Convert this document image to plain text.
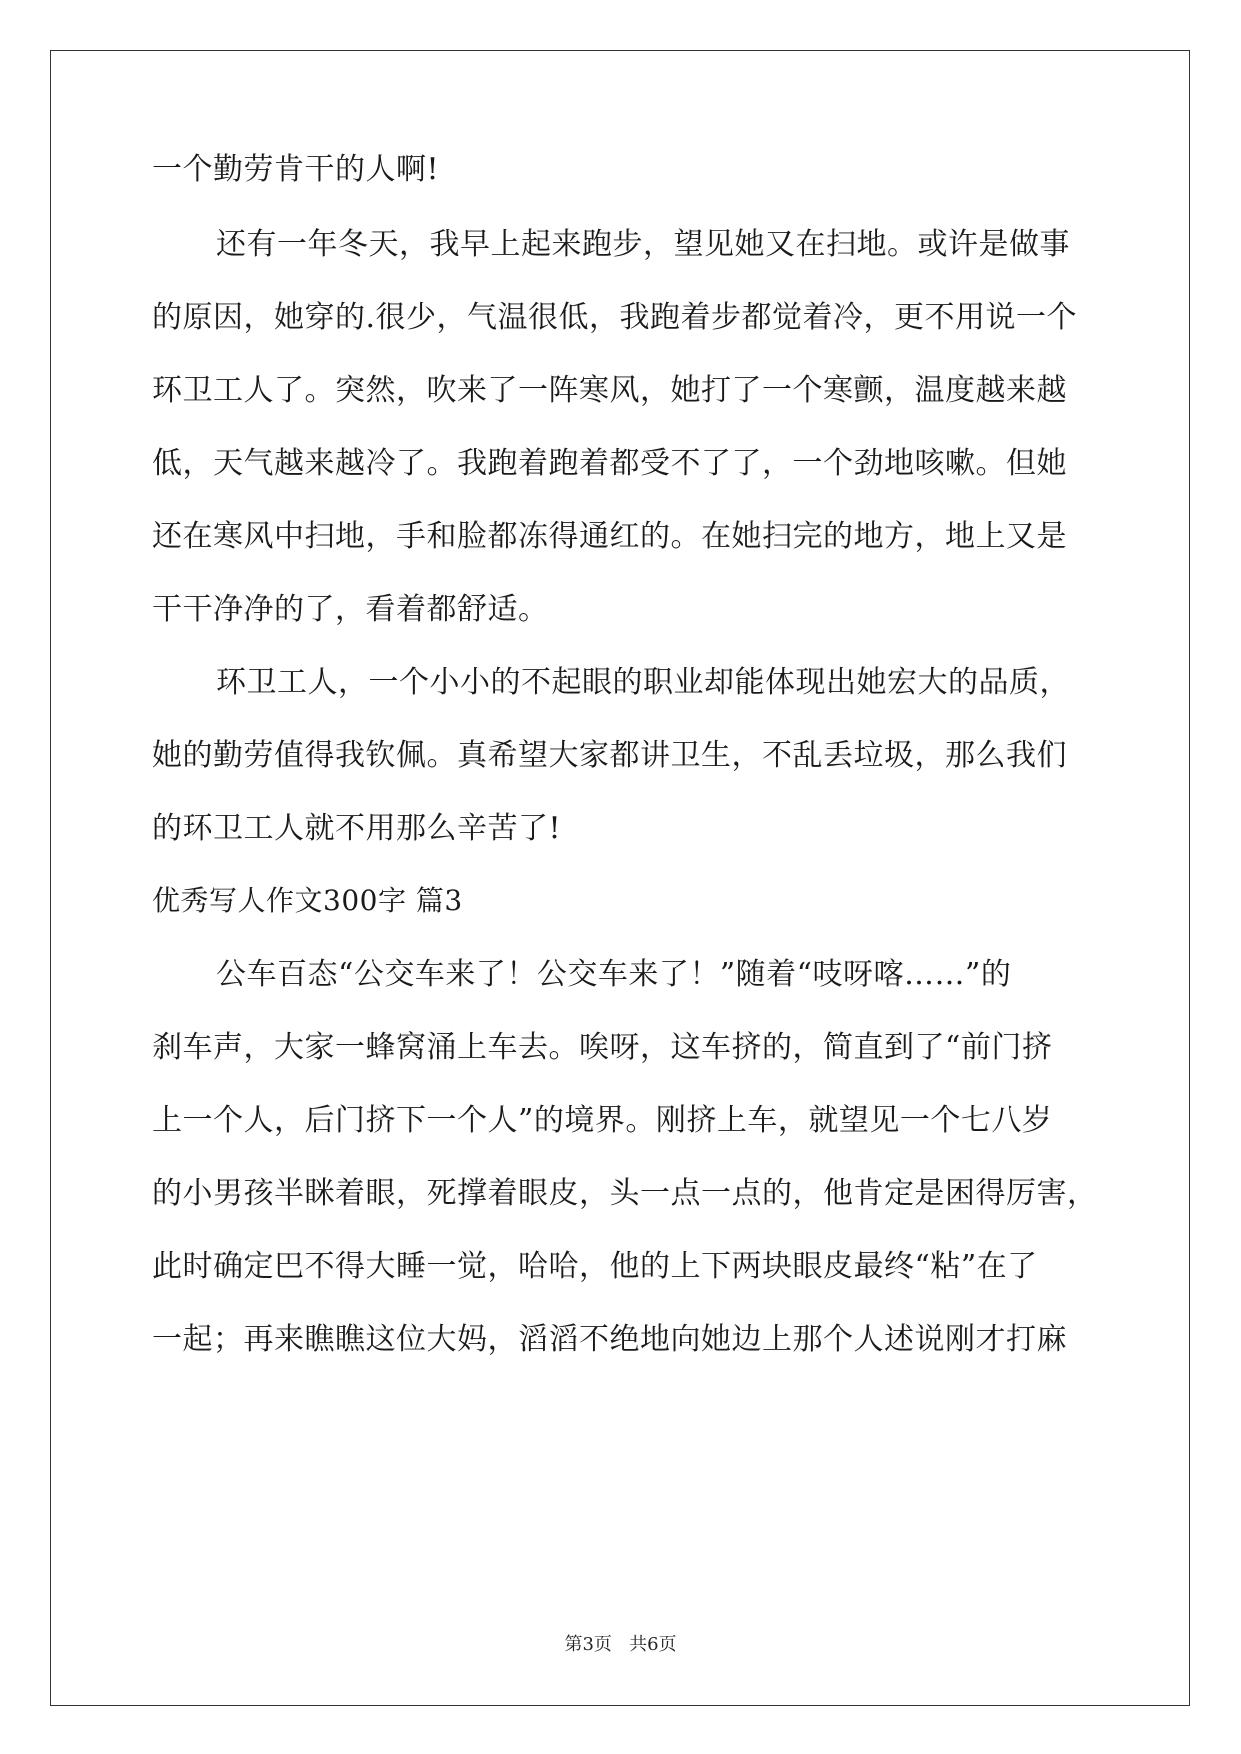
一个勤劳肯干的人啊!
还有一年冬天，我早上起来跑步，望见她又在扫地。或许是做事
的原因，她穿的.很少，气温很低，我跑着步都觉着冷，更不用说一个
环卫工人了。突然，吹来了一阵寒风，她打了一个寒颤，温度越来越
低，天气越来越冷了。我跑着跑着都受不了了，一个劲地咳嗽。但她
还在寒风中扫地，手和脸都冻得通红的。在她扫完的地方，地上又是
干干净净的了，看着都舒适。
环卫工人，一个小小的不起眼的职业却能体现出她宏大的品质，
她的勤劳值得我钦佩。真希望大家都讲卫生，不乱丢垃圾，那么我们
的环卫工人就不用那么辛苦了!
优秀写人作文300字 篇3
公车百态“公交车来了！公交车来了！”随着“吱呀喀……”的
刹车声，大家一蜂窝涌上车去。唉呀，这车挤的，简直到了“前门挤
上一个人，后门挤下一个人”的境界。刚挤上车，就望见一个七八岁
的小男孩半眯着眼，死撑着眼皮，头一点一点的，他肯定是困得厉害，
此时确定巴不得大睡一觉，哈哈，他的上下两块眼皮最终“粘”在了
一起；再来瞧瞧这位大妈，滔滔不绝地向她边上那个人述说刚才打麻
第3页   共6页
